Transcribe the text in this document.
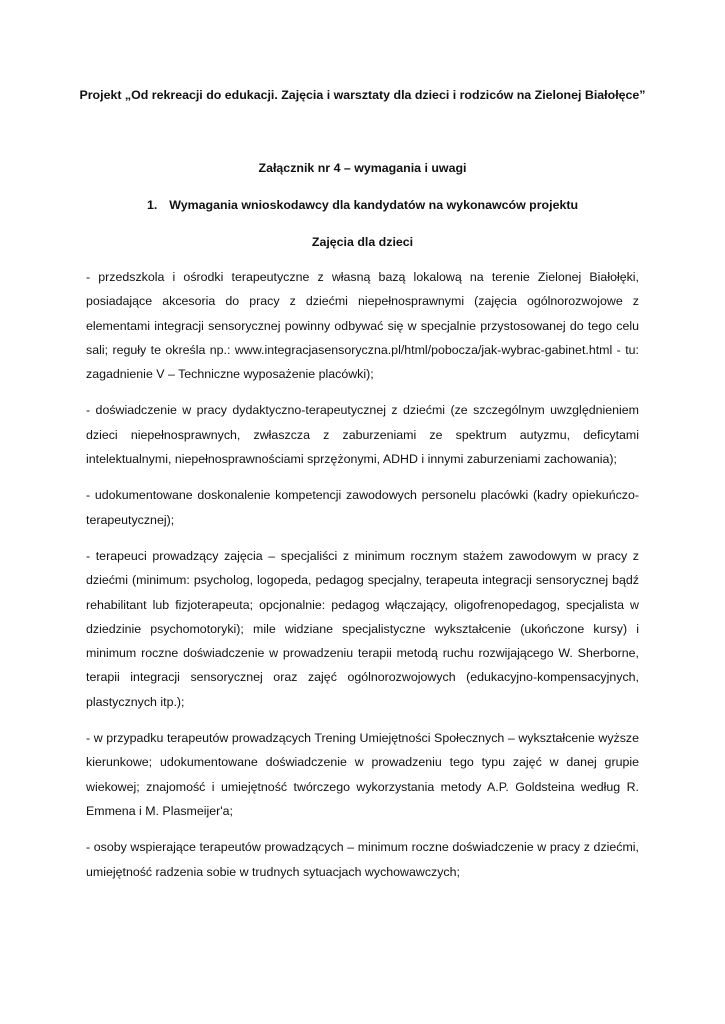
Projekt „Od rekreacji do edukacji. Zajęcia i warsztaty dla dzieci i rodziców na Zielonej Białołęce”
Załącznik nr 4 – wymagania i uwagi
1. Wymagania wnioskodawcy dla kandydatów na wykonawców projektu
Zajęcia dla dzieci

- przedszkola i ośrodki terapeutyczne z własną bazą lokalową na terenie Zielonej Białołęki, posiadające akcesoria do pracy z dziećmi niepełnosprawnymi (zajęcia ogólnorozwojowe z elementami integracji sensorycznej powinny odbywać się w specjalnie przystosowanej do tego celu sali; reguły te określa np.: www.integracjasensoryczna.pl/html/pobocza/jak-wybrac-gabinet.html - tu: zagadnienie V – Techniczne wyposażenie placówki);

- doświadczenie w pracy dydaktyczno-terapeutycznej z dziećmi (ze szczególnym uwzględnieniem dzieci niepełnosprawnych, zwłaszcza z zaburzeniami ze spektrum autyzmu, deficytami intelektualnymi, niepełnosprawnościami sprzężonymi, ADHD i innymi zaburzeniami zachowania);

- udokumentowane doskonalenie kompetencji zawodowych personelu placówki (kadry opiekuńczo-terapeutycznej);

- terapeuci prowadzący zajęcia – specjaliści z minimum rocznym stażem zawodowym w pracy z dziećmi (minimum: psycholog, logopeda, pedagog specjalny, terapeuta integracji sensorycznej bądź rehabilitant lub fizjoterapeuta; opcjonalnie: pedagog włączający, oligofrenopedagog, specjalista w dziedzinie psychomotoryki); mile widziane specjalistyczne wykształcenie (ukończone kursy) i minimum roczne doświadczenie w prowadzeniu terapii metodą ruchu rozwijającego W. Sherborne, terapii integracji sensorycznej oraz zajęć ogólnorozwojowych (edukacyjno-kompensacyjnych, plastycznych itp.);

- w przypadku terapeutów prowadzących Trening Umiejętności Społecznych – wykształcenie wyższe kierunkowe; udokumentowane doświadczenie w prowadzeniu tego typu zajęć w danej grupie wiekowej; znajomość i umiejętność twórczego wykorzystania metody A.P. Goldsteina według R. Emmena i M. Plasmeijer'a;

- osoby wspierające terapeutów prowadzących – minimum roczne doświadczenie w pracy z dziećmi, umiejętność radzenia sobie w trudnych sytuacjach wychowawczych;
